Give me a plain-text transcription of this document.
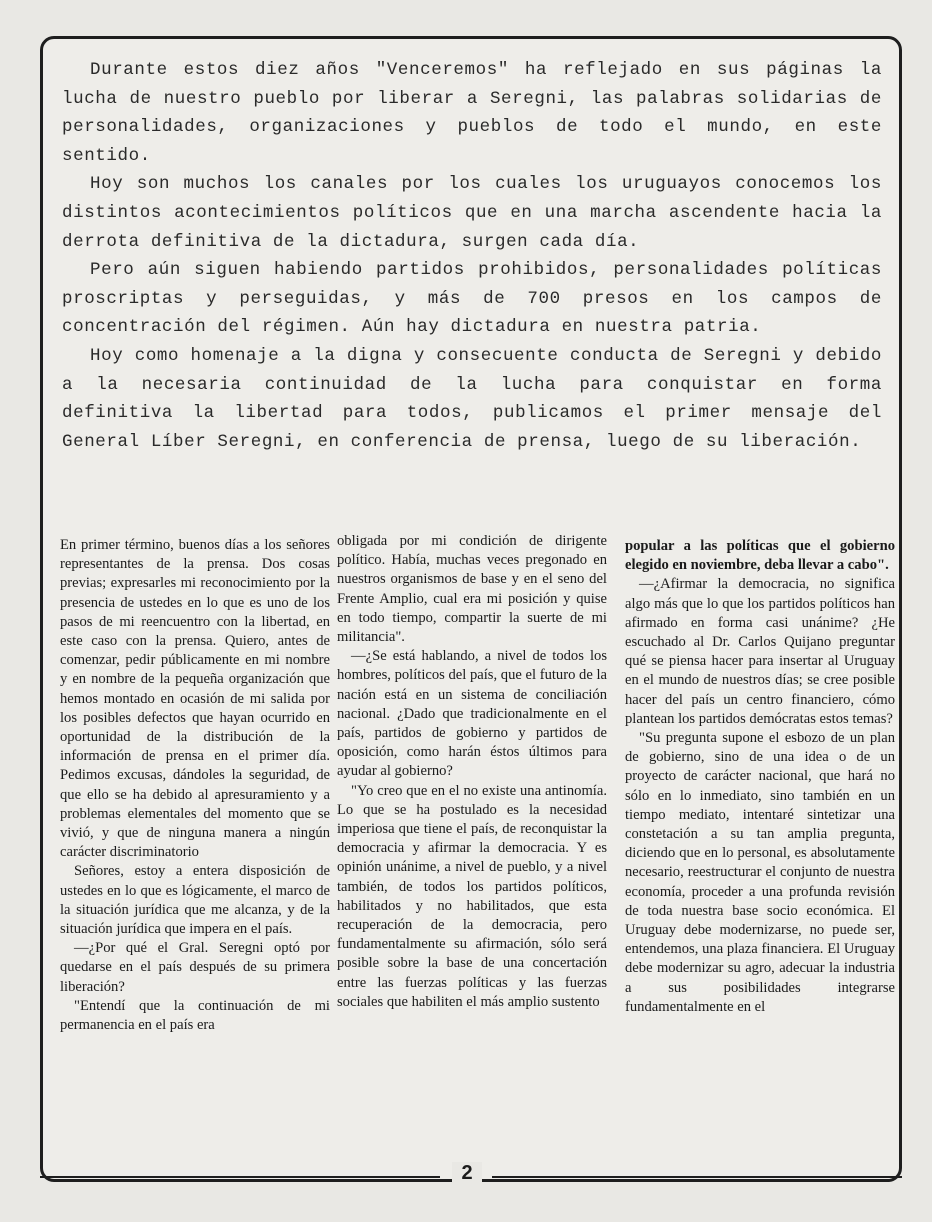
Durante estos diez años "Venceremos" ha reflejado en sus páginas la lucha de nuestro pueblo por liberar a Seregni, las palabras solidarias de personalidades, organizaciones y pueblos de todo el mundo, en este sentido.

Hoy son muchos los canales por los cuales los uruguayos conocemos los distintos acontecimientos políticos que en una marcha ascendente hacia la derrota definitiva de la dictadura, surgen cada día.

Pero aún siguen habiendo partidos prohibidos, personalidades políticas proscriptas y perseguidas, y más de 700 presos en los campos de concentración del régimen. Aún hay dictadura en nuestra patria.

Hoy como homenaje a la digna y consecuente conducta de Seregni y debido a la necesaria continuidad de la lucha para conquistar en forma definitiva la libertad para todos, publicamos el primer mensaje del General Líber Seregni, en conferencia de prensa, luego de su liberación.

En primer término, buenos días a los señores representantes de la prensa. Dos cosas previas; expresarles mi reconocimiento por la presencia de ustedes en lo que es uno de los pasos de mi reencuentro con la libertad, en este caso con la prensa. Quiero, antes de comenzar, pedir públicamente en mi nombre y en nombre de la pequeña organización que hemos montado en ocasión de mi salida por los posibles defectos que hayan ocurrido en oportunidad de la distribución de la información de prensa en el primer día. Pedimos excusas, dándoles la seguridad, de que ello se ha debido al apresuramiento y a problemas elementales del momento que se vivió, y que de ninguna manera a ningún carácter discriminatorio

Señores, estoy a entera disposición de ustedes en lo que es lógicamente, el marco de la situación jurídica que me alcanza, y de la situación jurídica que impera en el país.

—¿Por qué el Gral. Seregni optó por quedarse en el país después de su primera liberación?

"Entendí que la continuación de mi permanencia en el país era

obligada por mi condición de dirigente político. Había, muchas veces pregonado en nuestros organismos de base y en el seno del Frente Amplio, cual era mi posición y quise en todo tiempo, compartir la suerte de mi militancia".

—¿Se está hablando, a nivel de todos los hombres, políticos del país, que el futuro de la nación está en un sistema de conciliación nacional. ¿Dado que tradicionalmente en el país, partidos de gobierno y partidos de oposición, como harán éstos últimos para ayudar al gobierno?

"Yo creo que en el no existe una antinomía. Lo que se ha postulado es la necesidad imperiosa que tiene el país, de reconquistar la democracia y afirmar la democracia. Y es opinión unánime, a nivel de pueblo, y a nivel también, de todos los partidos políticos, habilitados y no habilitados, que esta recuperación de la democracia, pero fundamentalmente su afirmación, sólo será posible sobre la base de una concertación entre las fuerzas políticas y las fuerzas sociales que habiliten el más amplio sustento

popular a las políticas que el gobierno elegido en noviembre, deba llevar a cabo".

—¿Afirmar la democracia, no significa algo más que lo que los partidos políticos han afirmado en forma casi unánime? ¿He escuchado al Dr. Carlos Quijano preguntar qué se piensa hacer para insertar al Uruguay en el mundo de nuestros días; se cree posible hacer del país un centro financiero, cómo plantean los partidos demócratas estos temas?

"Su pregunta supone el esbozo de un plan de gobierno, sino de una idea o de un proyecto de carácter nacional, que hará no sólo en lo inmediato, sino también en un tiempo mediato, intentaré sintetizar una constetación a su tan amplia pregunta, diciendo que en lo personal, es absolutamente necesario, reestructurar el conjunto de nuestra economía, proceder a una profunda revisión de toda nuestra base socio económica. El Uruguay debe modernizarse, no puede ser, entendemos, una plaza financiera. El Uruguay debe modernizar su agro, adecuar la industria a sus posibilidades integrarse fundamentalmente en el

2
